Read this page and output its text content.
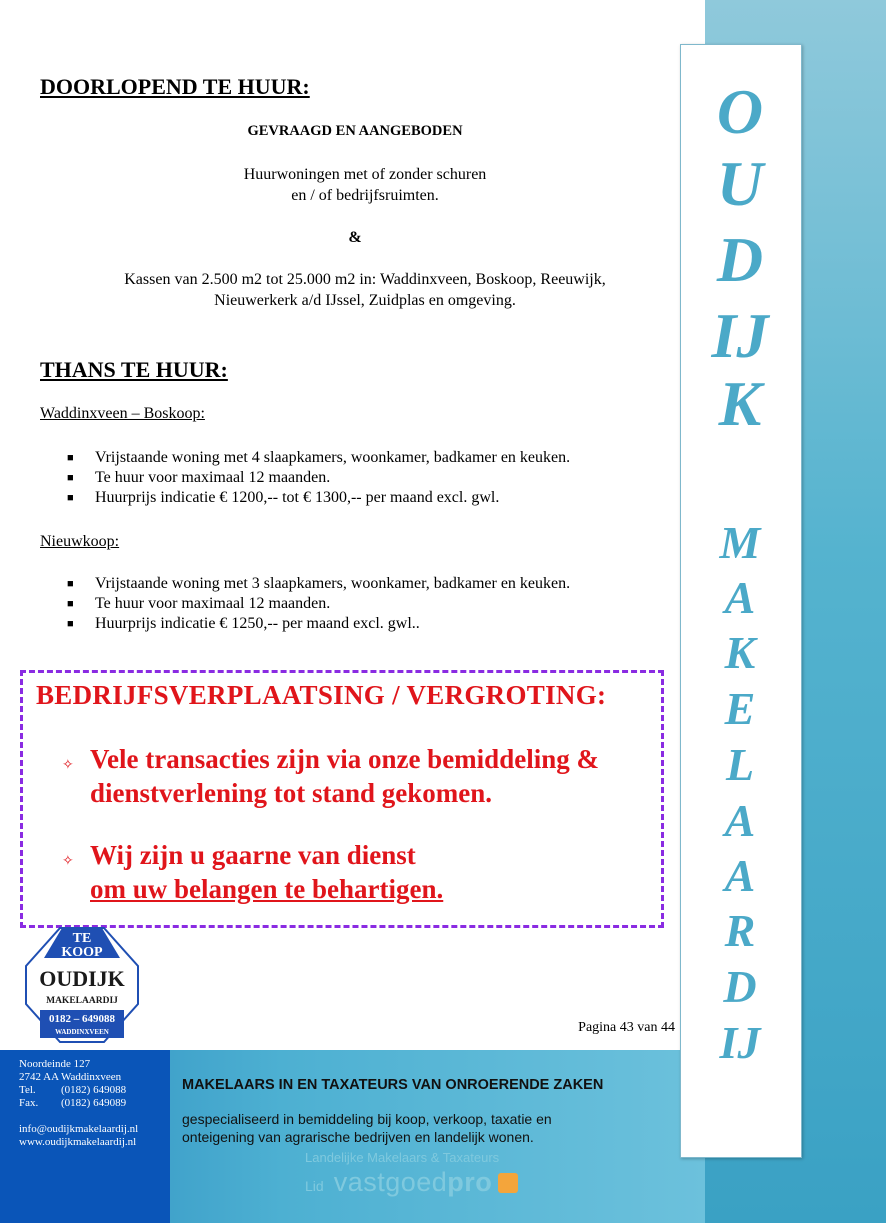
O
U
D
IJ
K
M
A
K
E
L
A
A
R
D
IJ
DOORLOPEND TE HUUR:
GEVRAAGD EN AANGEBODEN
Huurwoningen met of zonder schuren
en / of bedrijfsruimten.
&
Kassen van 2.500 m2 tot 25.000 m2 in: Waddinxveen, Boskoop, Reeuwijk,
Nieuwerkerk a/d IJssel, Zuidplas en omgeving.
THANS TE HUUR:
Waddinxveen – Boskoop:
■ Vrijstaande woning met 4 slaapkamers, woonkamer, badkamer en keuken.
■ Te huur voor maximaal 12 maanden.
■ Huurprijs indicatie € 1200,-- tot € 1300,-- per maand excl. gwl.
Nieuwkoop:
■ Vrijstaande woning met 3 slaapkamers, woonkamer, badkamer en keuken.
■ Te huur voor maximaal 12 maanden.
■ Huurprijs indicatie € 1250,-- per maand excl. gwl..
BEDRIJFSVERPLAATSING / VERGROTING:
✧ Vele transacties zijn via onze bemiddeling &
dienstverlening tot stand gekomen.
✧ Wij zijn u gaarne van dienst
om uw belangen te behartigen.
TE
KOOP
OUDIJK
MAKELAARDIJ
0182 – 649088
WADDINXVEEN	Pagina 43 van 44
Noordeinde 127
2742 AA Waddinxveen
Tel. (0182) 649088
Fax. (0182) 649089
info@oudijkmakelaardij.nl
www.oudijkmakelaardij.nl
MAKELAARS IN EN TAXATEURS VAN ONROERENDE ZAKEN
gespecialiseerd in bemiddeling bij koop, verkoop, taxatie en
onteigening van agrarische bedrijven en landelijk wonen.
Landelijke Makelaars & Taxateurs
Lid vastgoedpro
